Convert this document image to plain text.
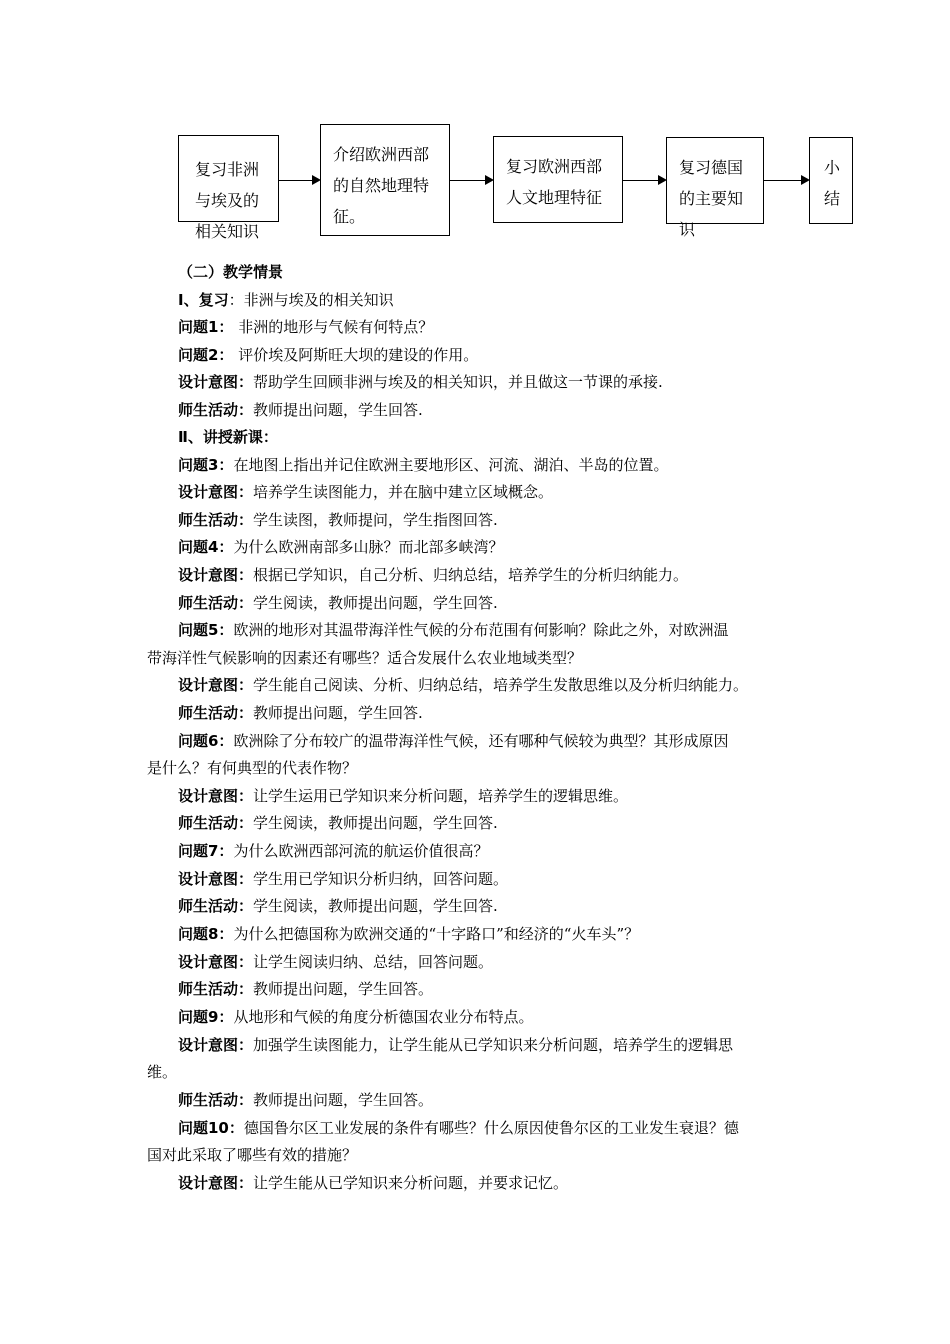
复习非洲
与埃及的
相关知识
介绍欧洲西部
的自然地理特
征。
复习欧洲西部
人文地理特征
复习德国
的主要知
识
小
结
（二）教学情景
Ⅰ、复习：非洲与埃及的相关知识
问题1： 非洲的地形与气候有何特点？
问题2： 评价埃及阿斯旺大坝的建设的作用。
设计意图：帮助学生回顾非洲与埃及的相关知识，并且做这一节课的承接.
师生活动：教师提出问题，学生回答.
Ⅱ、讲授新课：
问题3：在地图上指出并记住欧洲主要地形区、河流、湖泊、半岛的位置。
设计意图：培养学生读图能力，并在脑中建立区域概念。
师生活动：学生读图，教师提问，学生指图回答.
问题4：为什么欧洲南部多山脉？而北部多峡湾？
设计意图：根据已学知识，自己分析、归纳总结，培养学生的分析归纳能力。
师生活动：学生阅读，教师提出问题，学生回答.
问题5：欧洲的地形对其温带海洋性气候的分布范围有何影响？除此之外，对欧洲温
带海洋性气候影响的因素还有哪些？适合发展什么农业地域类型？
设计意图：学生能自己阅读、分析、归纳总结，培养学生发散思维以及分析归纳能力。
师生活动：教师提出问题，学生回答.
问题6：欧洲除了分布较广的温带海洋性气候，还有哪种气候较为典型？其形成原因
是什么？有何典型的代表作物？
设计意图：让学生运用已学知识来分析问题，培养学生的逻辑思维。
师生活动：学生阅读，教师提出问题，学生回答.
问题7：为什么欧洲西部河流的航运价值很高？
设计意图：学生用已学知识分析归纳，回答问题。
师生活动：学生阅读，教师提出问题，学生回答.
问题8：为什么把德国称为欧洲交通的“十字路口”和经济的“火车头”？
设计意图：让学生阅读归纳、总结，回答问题。
师生活动：教师提出问题，学生回答。
问题9：从地形和气候的角度分析德国农业分布特点。
设计意图：加强学生读图能力，让学生能从已学知识来分析问题，培养学生的逻辑思
维。
师生活动：教师提出问题，学生回答。
问题10：德国鲁尔区工业发展的条件有哪些？什么原因使鲁尔区的工业发生衰退？德
国对此采取了哪些有效的措施？
设计意图：让学生能从已学知识来分析问题，并要求记忆。
